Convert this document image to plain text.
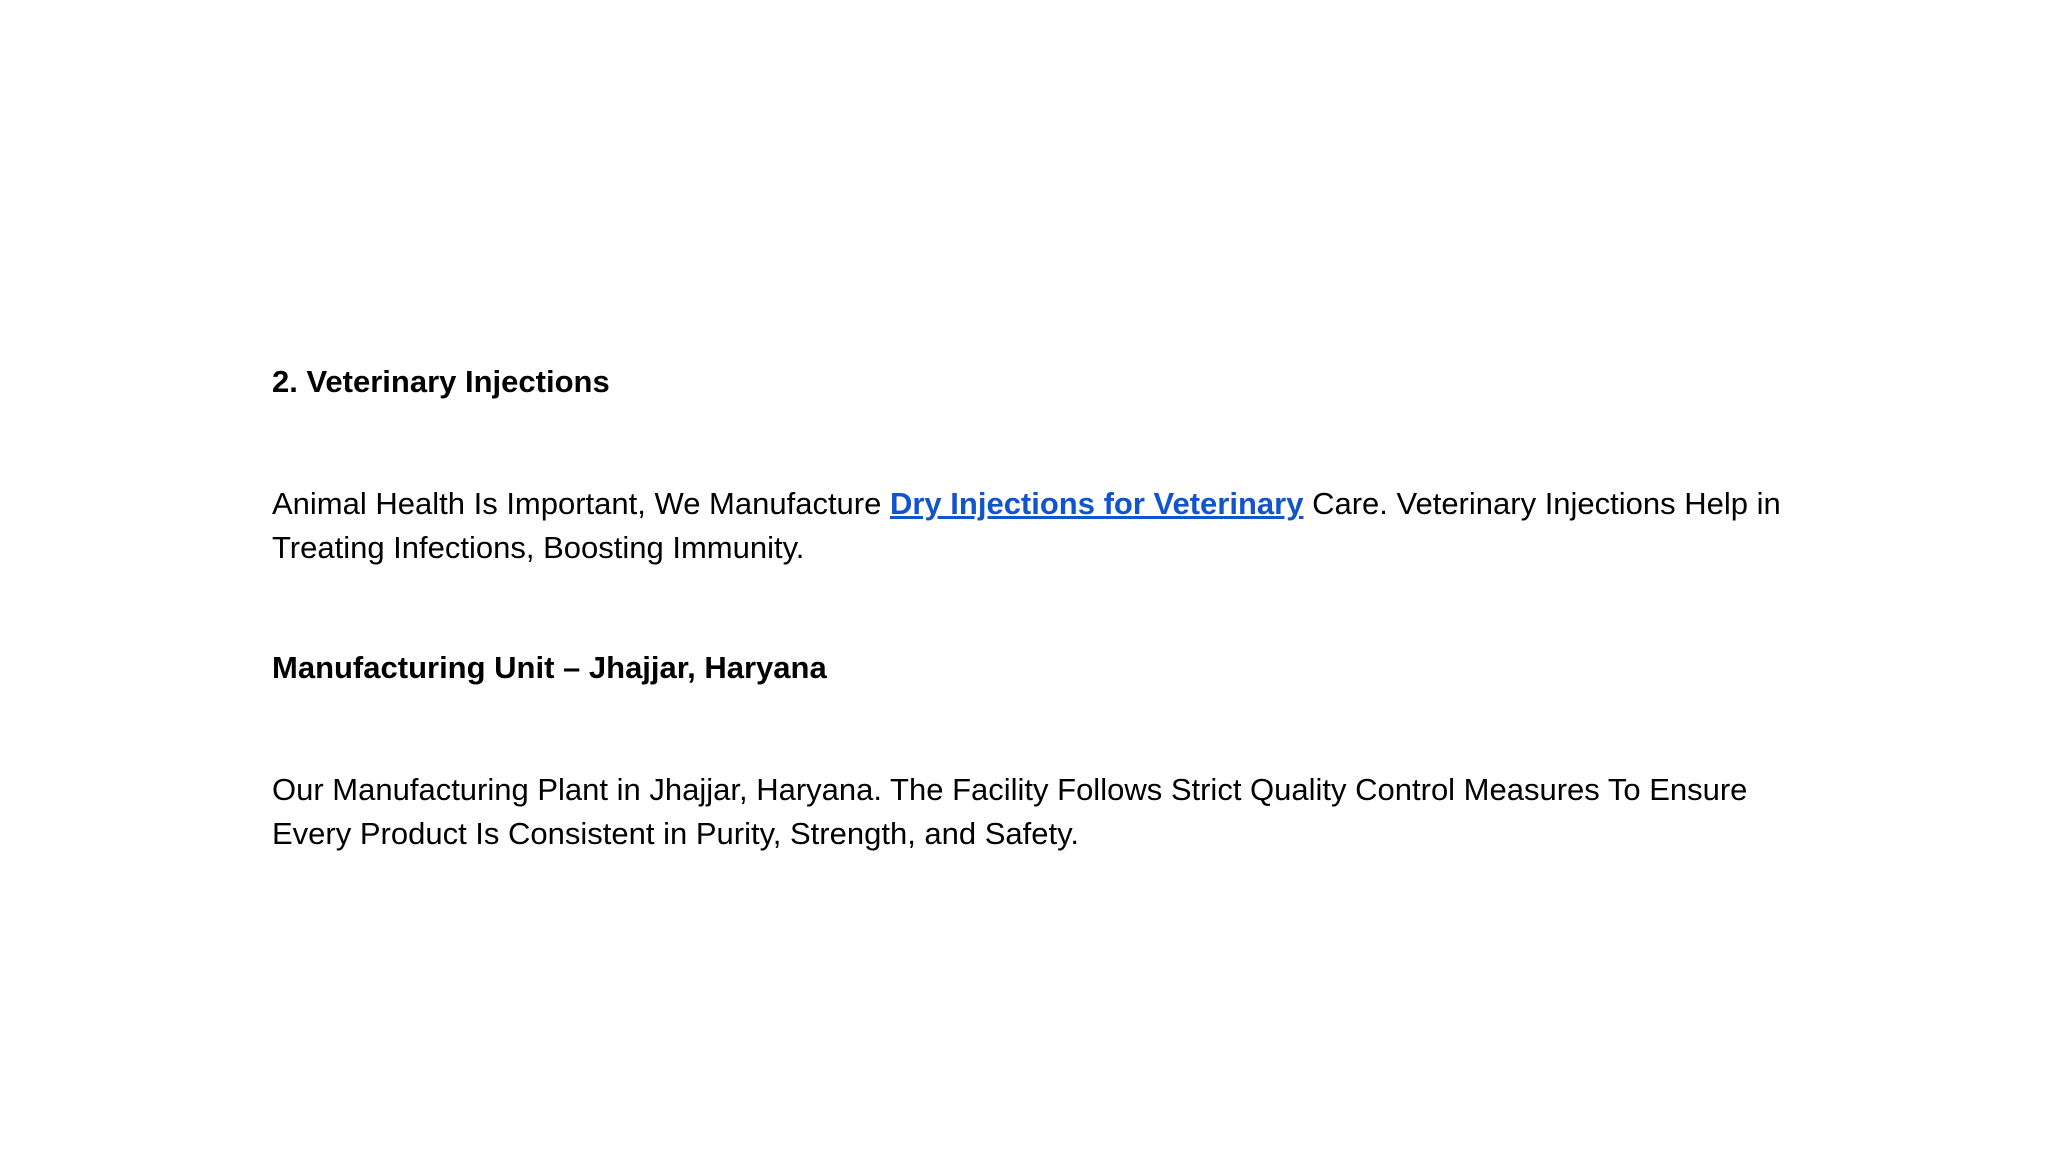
2. Veterinary Injections

Animal Health Is Important, We Manufacture Dry Injections for Veterinary Care. Veterinary Injections Help in Treating Infections, Boosting Immunity.

Manufacturing Unit – Jhajjar, Haryana

Our Manufacturing Plant in Jhajjar, Haryana. The Facility Follows Strict Quality Control Measures To Ensure Every Product Is Consistent in Purity, Strength, and Safety.
